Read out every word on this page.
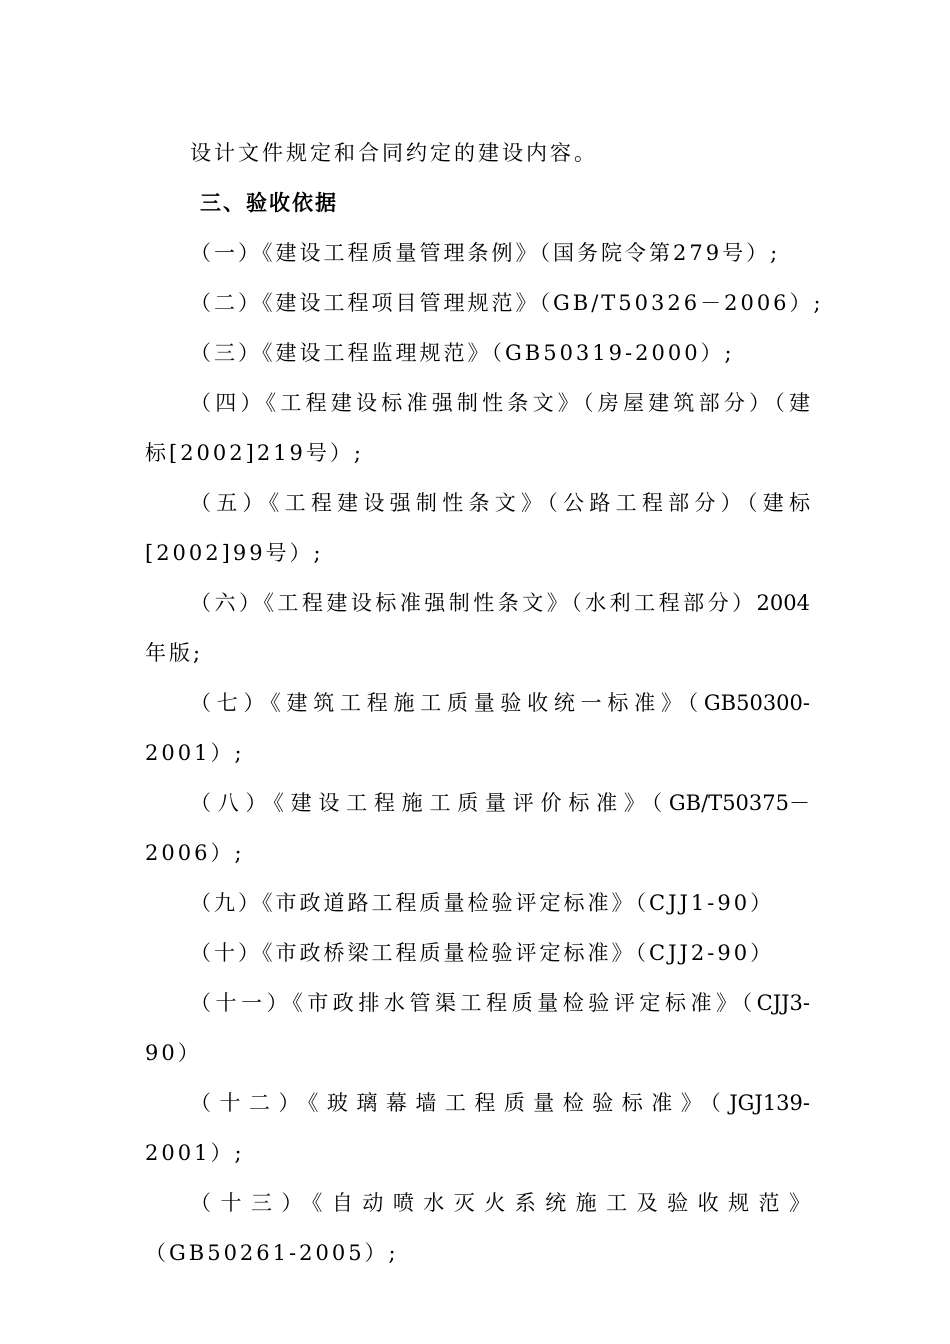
设计文件规定和合同约定的建设内容。
三、验收依据
（一）《建设工程质量管理条例》（国务院令第279号）;
（二）《建设工程项目管理规范》（GB/T50326－2006）;
（三）《建设工程监理规范》（GB50319-2000）;
（四）《工程建设标准强制性条文》（房屋建筑部分）（建
标[2002]219号）;
（五）《工程建设强制性条文》（公路工程部分）（建标
[2002]99号）;
（六）《工程建设标准强制性条文》（水利工程部分）2004
年版;
（七）《建筑工程施工质量验收统一标准》（GB50300-
2001）;
（八）《建设工程施工质量评价标准》（GB/T50375－
2006）;
（九）《市政道路工程质量检验评定标准》（CJJ1-90）
（十）《市政桥梁工程质量检验评定标准》（CJJ2-90）
（十一）《市政排水管渠工程质量检验评定标准》（CJJ3-
90）
（十二）《玻璃幕墙工程质量检验标准》（JGJ139-
2001）;
（十三）《自动喷水灭火系统施工及验收规范》
（GB50261-2005）;
